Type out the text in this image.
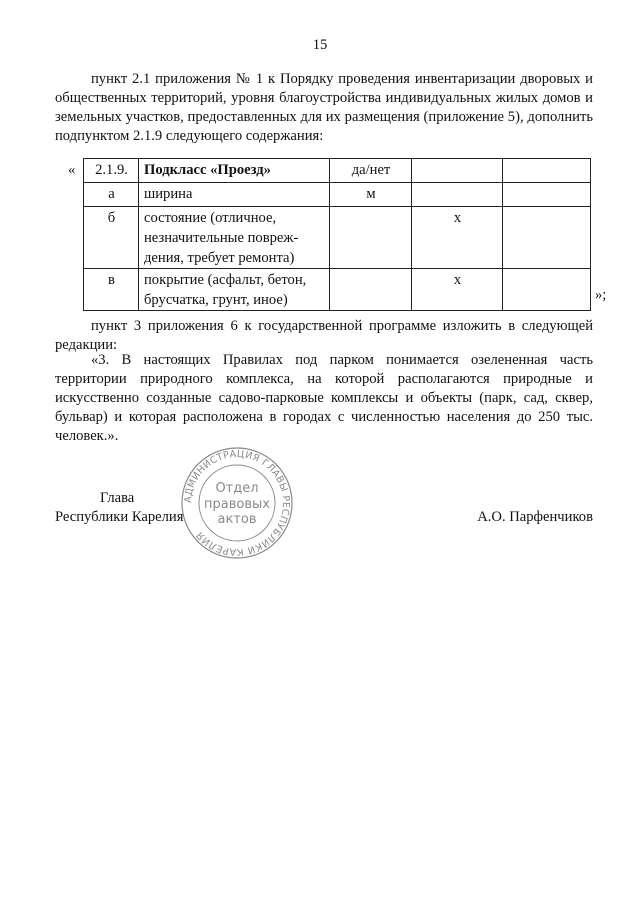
15

пункт 2.1 приложения № 1 к Порядку проведения инвентаризации дворовых и общественных территорий, уровня благоустройства индивидуальных жилых домов и земельных участков, предоставленных для их размещения (приложение 5), дополнить подпунктом 2.1.9 следующего содержания:

« 2.1.9.	Подкласс «Проезд»	да/нет		
а	ширина	м		
б	состояние (отличное, незначительные повреж-дения, требует ремонта)		x	
в	покрытие (асфальт, бетон, брусчатка, грунт, иное)		x	
»;

пункт 3 приложения 6 к государственной программе изложить в следующей редакции:

«3. В настоящих Правилах под парком понимается озелененная часть территории природного комплекса, на которой располагаются природные и искусственно созданные садово-парковые комплексы и объекты (парк, сад, сквер, бульвар) и которая расположена в городах с численностью населения до 250 тыс. человек.».

АДМИНИСТРАЦИЯ ГЛАВЫ РЕСПУБЛИКИ КАРЕЛИЯ
Отдел
правовых
актов
Глава
Республики Карелия	А.О. Парфенчиков
